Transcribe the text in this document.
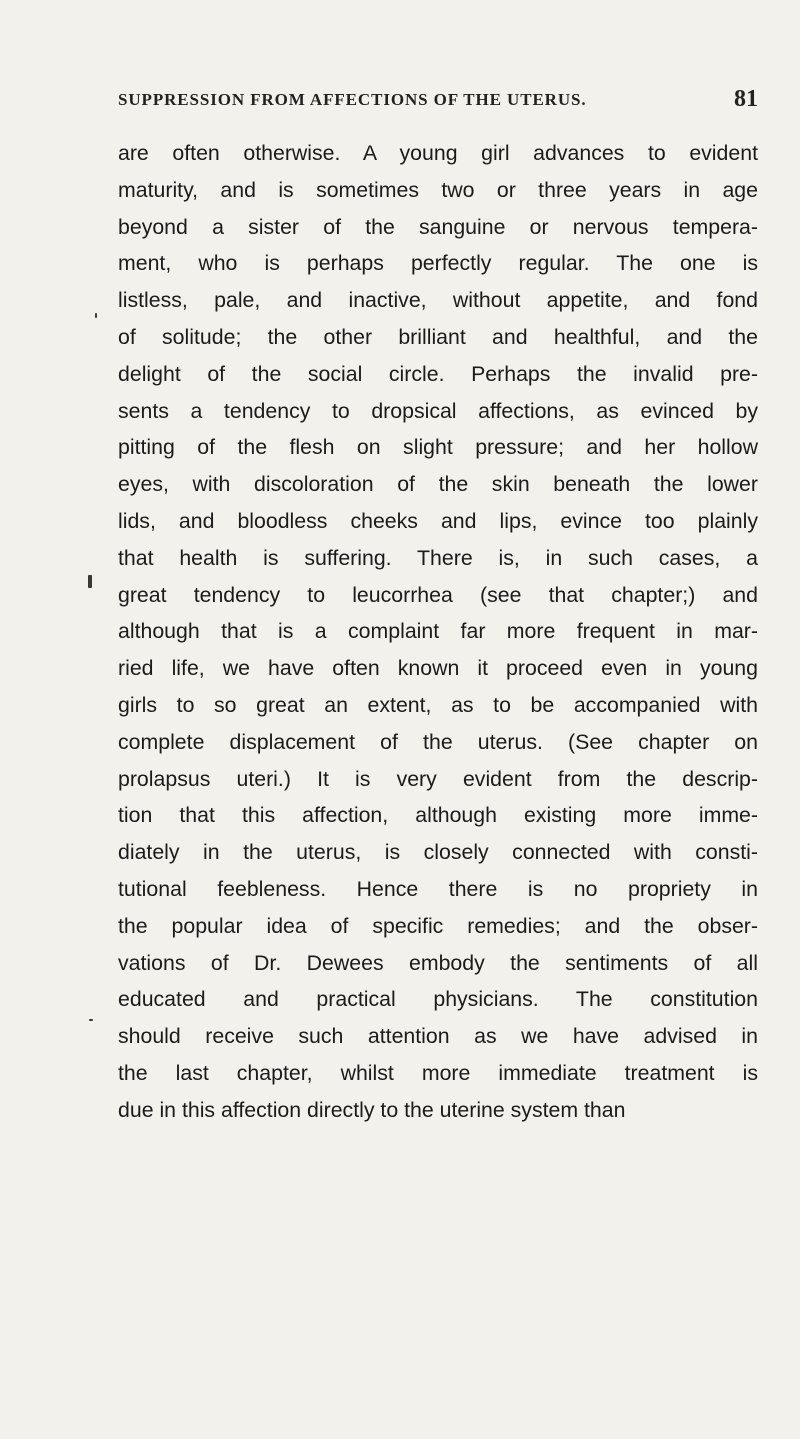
SUPPRESSION FROM AFFECTIONS OF THE UTERUS.	81
are often otherwise. A young girl advances to evident
maturity, and is sometimes two or three years in age
beyond a sister of the sanguine or nervous tempera-
ment, who is perhaps perfectly regular. The one is
listless, pale, and inactive, without appetite, and fond
of solitude; the other brilliant and healthful, and the
delight of the social circle. Perhaps the invalid pre-
sents a tendency to dropsical affections, as evinced by
pitting of the flesh on slight pressure; and her hollow
eyes, with discoloration of the skin beneath the lower
lids, and bloodless cheeks and lips, evince too plainly
that health is suffering. There is, in such cases, a
great tendency to leucorrhea (see that chapter;) and
although that is a complaint far more frequent in mar-
ried life, we have often known it proceed even in young
girls to so great an extent, as to be accompanied with
complete displacement of the uterus. (See chapter on
prolapsus uteri.) It is very evident from the descrip-
tion that this affection, although existing more imme-
diately in the uterus, is closely connected with consti-
tutional feebleness. Hence there is no propriety in
the popular idea of specific remedies; and the obser-
vations of Dr. Dewees embody the sentiments of all
educated and practical physicians. The constitution
should receive such attention as we have advised in
the last chapter, whilst more immediate treatment is
due in this affection directly to the uterine system than
